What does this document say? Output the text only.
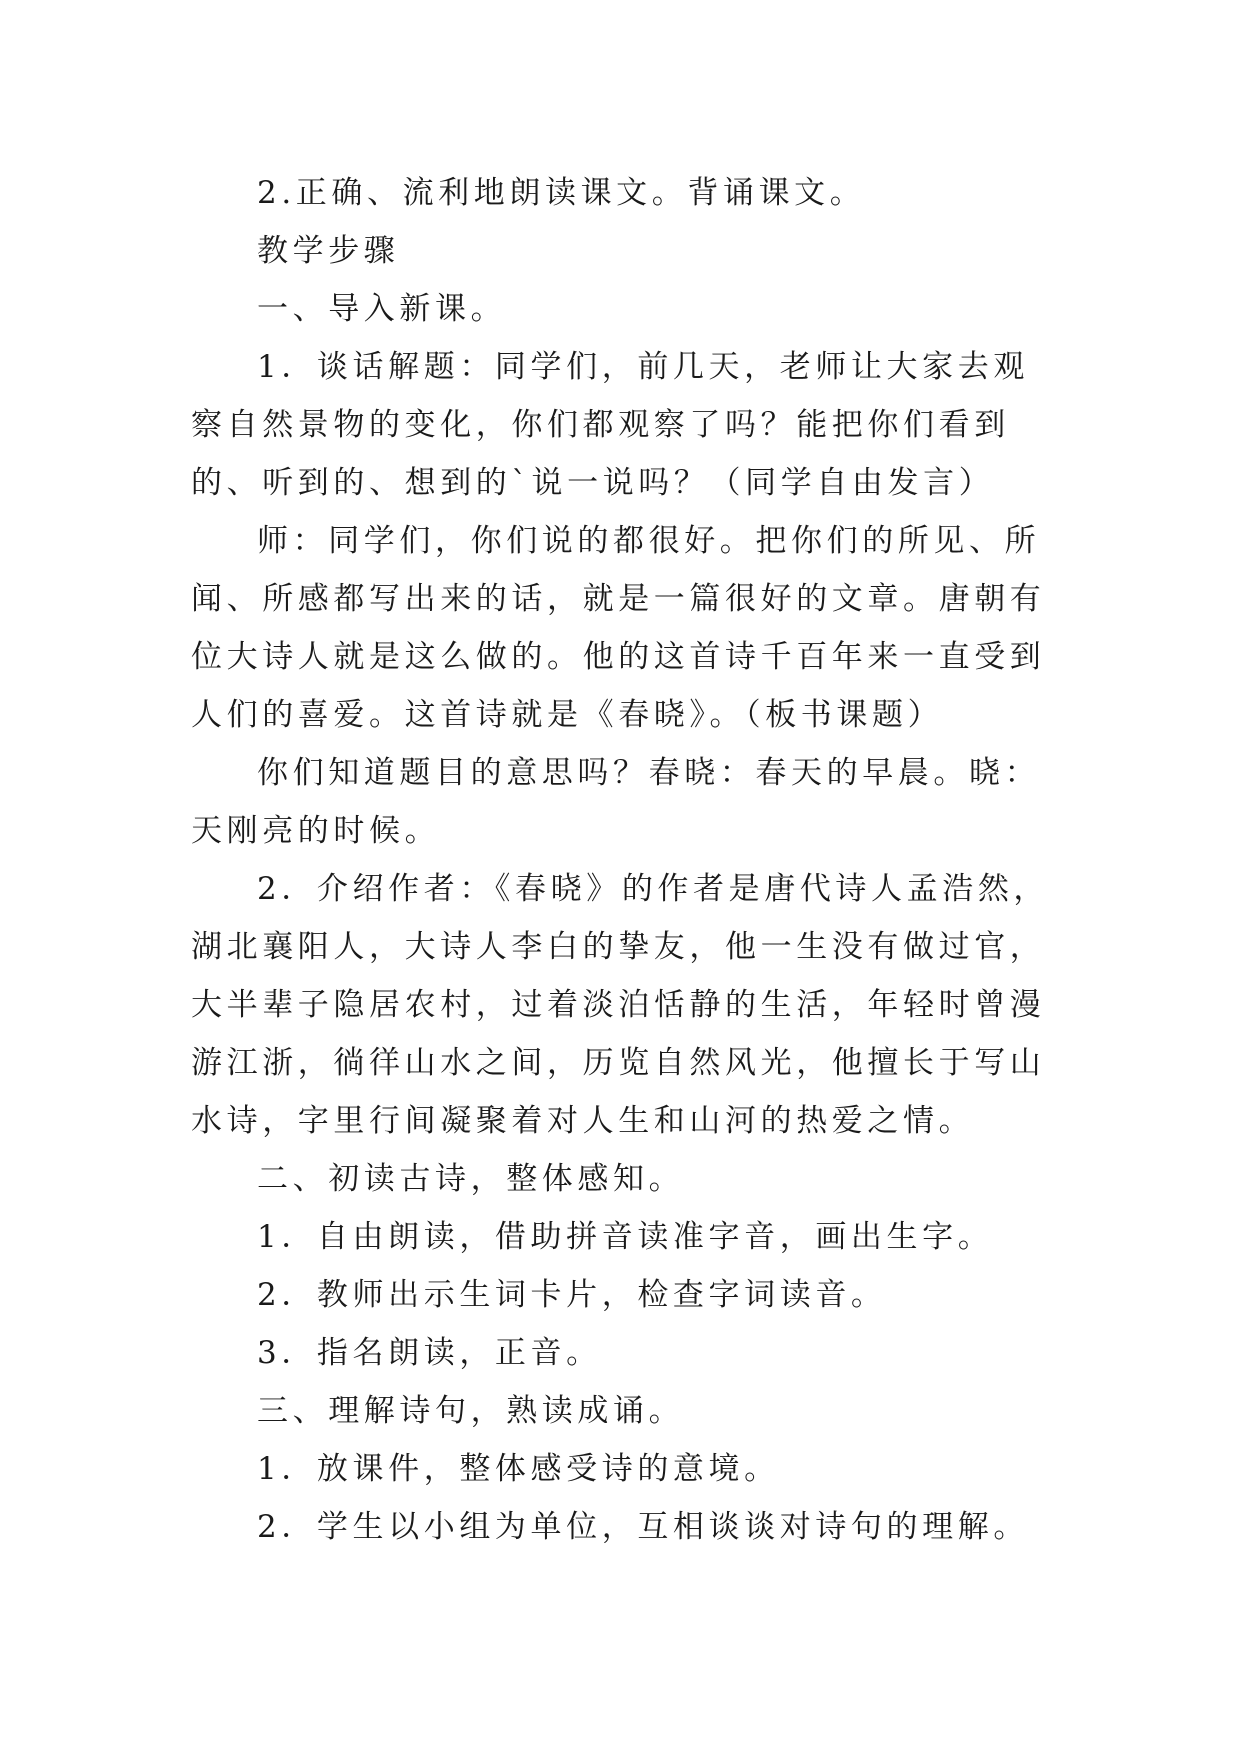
2.正确、流利地朗读课文。背诵课文。

教学步骤

一、导入新课。

1．谈话解题：同学们，前几天，老师让大家去观察自然景物的变化，你们都观察了吗？能把你们看到的、听到的、想到的`说一说吗？（同学自由发言）

师：同学们，你们说的都很好。把你们的所见、所闻、所感都写出来的话，就是一篇很好的文章。唐朝有位大诗人就是这么做的。他的这首诗千百年来一直受到人们的喜爱。这首诗就是《春晓》。（板书课题）

你们知道题目的意思吗？春晓：春天的早晨。晓：天刚亮的时候。

2．介绍作者：《春晓》的作者是唐代诗人孟浩然，湖北襄阳人，大诗人李白的挚友，他一生没有做过官，大半辈子隐居农村，过着淡泊恬静的生活，年轻时曾漫游江浙，徜徉山水之间，历览自然风光，他擅长于写山水诗，字里行间凝聚着对人生和山河的热爱之情。

二、初读古诗，整体感知。

1．自由朗读，借助拼音读准字音，画出生字。

2．教师出示生词卡片，检查字词读音。

3．指名朗读，正音。

三、理解诗句，熟读成诵。

1．放课件，整体感受诗的意境。

2．学生以小组为单位，互相谈谈对诗句的理解。
